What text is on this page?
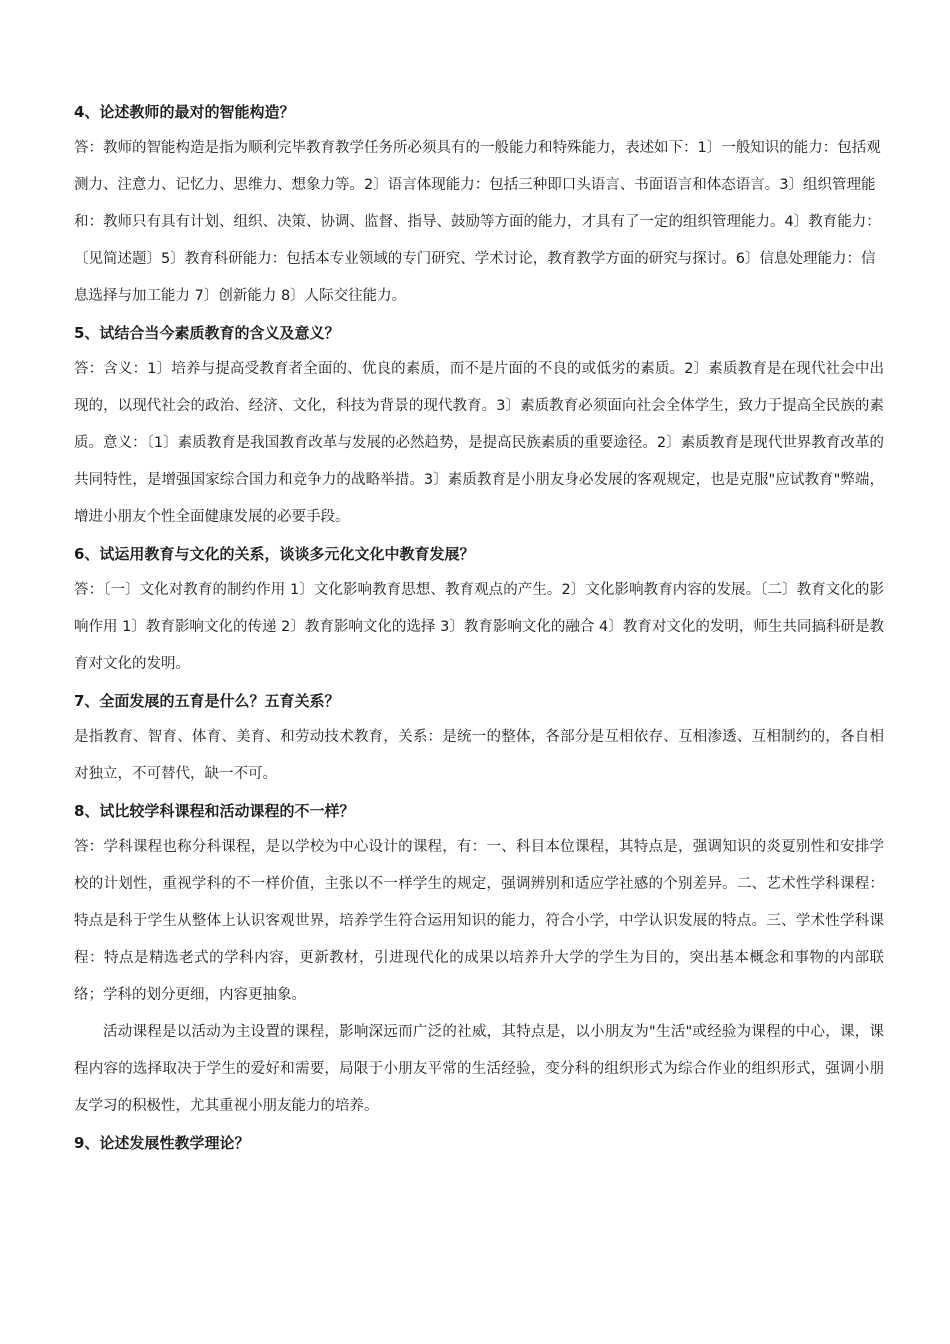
4、论述教师的最对的智能构造？

答：教师的智能构造是指为顺利完毕教育教学任务所必须具有的一般能力和特殊能力，表述如下：1〕一般知识的能力：包括观测力、注意力、记忆力、思维力、想象力等。2〕语言体现能力：包括三种即口头语言、书面语言和体态语言。3〕组织管理能和：教师只有具有计划、组织、决策、协调、监督、指导、鼓励等方面的能力，才具有了一定的组织管理能力。4〕教育能力：〔见简述题〕5〕教育科研能力：包括本专业领域的专门研究、学术讨论，教育教学方面的研究与探讨。6〕信息处理能力：信息选择与加工能力 7〕创新能力 8〕人际交往能力。

5、试结合当今素质教育的含义及意义？

答：含义：1〕培养与提高受教育者全面的、优良的素质，而不是片面的不良的或低劣的素质。2〕素质教育是在现代社会中出现的，以现代社会的政治、经济、文化，科技为背景的现代教育。3〕素质教育必须面向社会全体学生，致力于提高全民族的素质。意义：〔1〕素质教育是我国教育改革与发展的必然趋势，是提高民族素质的重要途径。2〕素质教育是现代世界教育改革的共同特性，是增强国家综合国力和竞争力的战略举措。3〕素质教育是小朋友身必发展的客观规定，也是克服"应试教育"弊端，增进小朋友个性全面健康发展的必要手段。

6、试运用教育与文化的关系，谈谈多元化文化中教育发展？

答：〔一〕文化对教育的制约作用 1〕文化影响教育思想、教育观点的产生。2〕文化影响教育内容的发展。〔二〕教育文化的影响作用 1〕教育影响文化的传递 2〕教育影响文化的选择 3〕教育影响文化的融合 4〕教育对文化的发明，师生共同搞科研是教育对文化的发明。

7、全面发展的五育是什么？五育关系？

是指教育、智育、体育、美育、和劳动技术教育，关系：是统一的整体，各部分是互相依存、互相渗透、互相制约的，各自相对独立，不可替代，缺一不可。

8、试比较学科课程和活动课程的不一样？

答：学科课程也称分科课程，是以学校为中心设计的课程，有：一、科目本位课程，其特点是，强调知识的炎夏别性和安排学校的计划性，重视学科的不一样价值，主张以不一样学生的规定，强调辨别和适应学社感的个别差异。二、艺术性学科课程：特点是科于学生从整体上认识客观世界，培养学生符合运用知识的能力，符合小学，中学认识发展的特点。三、学术性学科课程：特点是精选老式的学科内容，更新教材，引进现代化的成果以培养升大学的学生为目的，突出基本概念和事物的内部联络；学科的划分更细，内容更抽象。

活动课程是以活动为主设置的课程，影响深远而广泛的社威，其特点是，以小朋友为"生活"或经验为课程的中心，课，课程内容的选择取决于学生的爱好和需要，局限于小朋友平常的生活经验，变分科的组织形式为综合作业的组织形式，强调小朋友学习的积极性，尤其重视小朋友能力的培养。

9、论述发展性教学理论？
